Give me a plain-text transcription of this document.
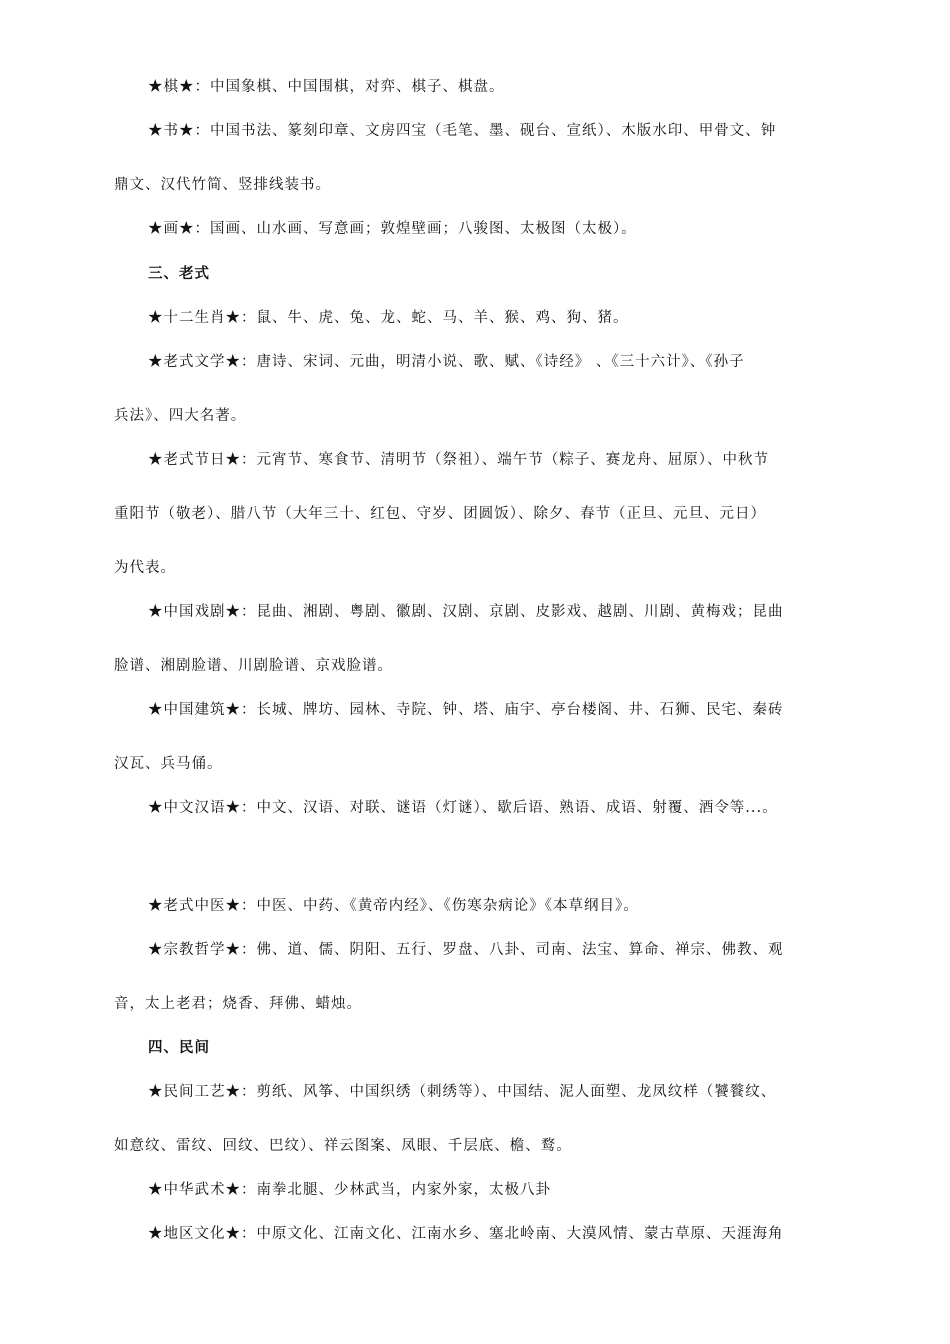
★棋★：中国象棋、中国围棋，对弈、棋子、棋盘。
★书★：中国书法、篆刻印章、文房四宝（毛笔、墨、砚台、宣纸）、木版水印、甲骨文、钟
鼎文、汉代竹简、竖排线装书。
★画★：国画、山水画、写意画；敦煌壁画；八骏图、太极图（太极）。
三、老式
★十二生肖★：鼠、牛、虎、兔、龙、蛇、马、羊、猴、鸡、狗、猪。
★老式文学★：唐诗、宋词、元曲，明清小说、歌、赋、《诗经》 、《三十六计》、《孙子
兵法》、四大名著。
★老式节日★：元宵节、寒食节、清明节（祭祖）、端午节（粽子、赛龙舟、屈原）、中秋节
重阳节（敬老）、腊八节（大年三十、红包、守岁、团圆饭）、除夕、春节（正旦、元旦、元日）
为代表。
★中国戏剧★：昆曲、湘剧、粤剧、徽剧、汉剧、京剧、皮影戏、越剧、川剧、黄梅戏；昆曲
脸谱、湘剧脸谱、川剧脸谱、京戏脸谱。
★中国建筑★：长城、牌坊、园林、寺院、钟、塔、庙宇、亭台楼阁、井、石狮、民宅、秦砖
汉瓦、兵马俑。
★中文汉语★：中文、汉语、对联、谜语（灯谜）、歇后语、熟语、成语、射覆、酒令等...。
★老式中医★：中医、中药、《黄帝内经》、《伤寒杂病论》《本草纲目》。
★宗教哲学★：佛、道、儒、阴阳、五行、罗盘、八卦、司南、法宝、算命、禅宗、佛教、观
音，太上老君；烧香、拜佛、蜡烛。
四、民间
★民间工艺★：剪纸、风筝、中国织绣（刺绣等）、中国结、泥人面塑、龙凤纹样（饕餮纹、
如意纹、雷纹、回纹、巴纹）、祥云图案、凤眼、千层底、檐、鹜。
★中华武术★：南拳北腿、少林武当，内家外家，太极八卦
★地区文化★：中原文化、江南文化、江南水乡、塞北岭南、大漠风情、蒙古草原、天涯海角
